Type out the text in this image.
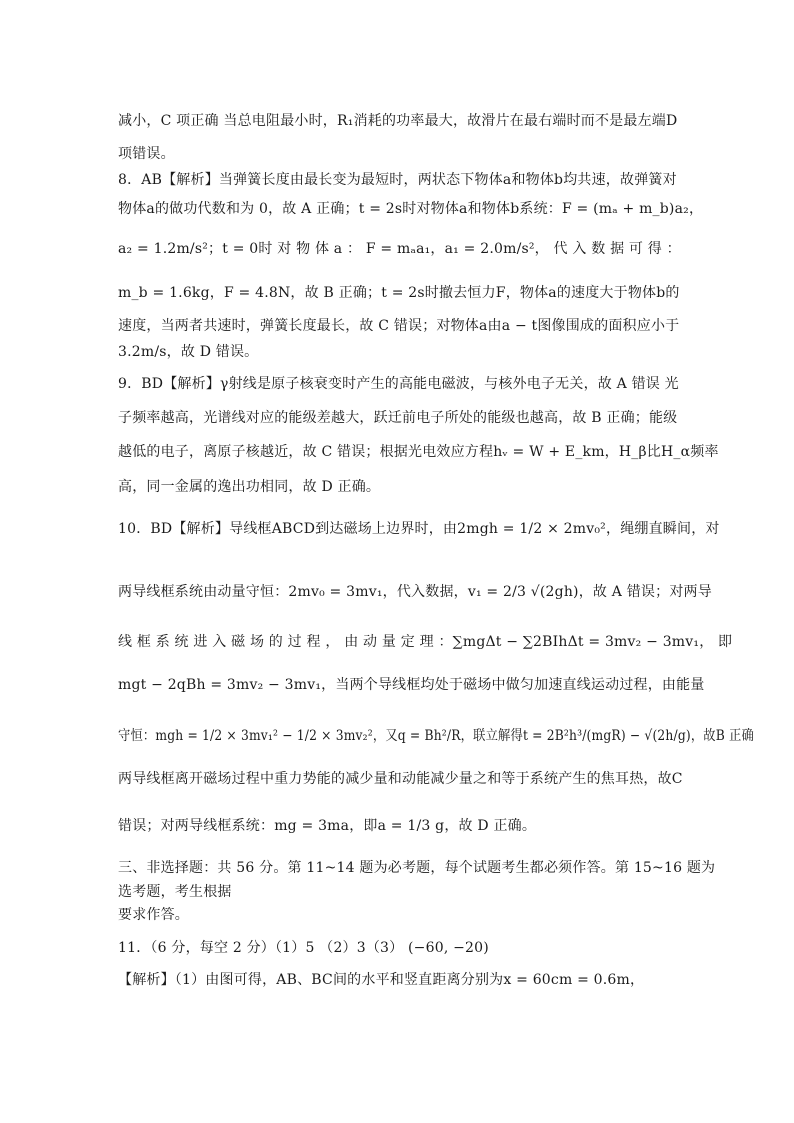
减小，C 项正确 当总电阻最小时，R₁消耗的功率最大，故滑片在最右端时而不是最左端D
项错误。
8．AB【解析】当弹簧长度由最长变为最短时，两状态下物体a和物体b均共速，故弹簧对
物体a的做功代数和为 0，故 A 正确；t = 2s时对物体a和物体b系统：F = (mₐ + m_b)a₂，
a₂ = 1.2m/s²；t = 0时 对 物 体 a ： F = mₐa₁，a₁ = 2.0m/s²， 代 入 数 据 可 得 ：
m_b = 1.6kg，F = 4.8N，故 B 正确；t = 2s时撤去恒力F，物体a的速度大于物体b的
速度，当两者共速时，弹簧长度最长，故 C 错误；对物体a由a − t图像围成的面积应小于
3.2m/s，故 D 错误。
9．BD【解析】γ射线是原子核衰变时产生的高能电磁波，与核外电子无关，故 A 错误 光
子频率越高，光谱线对应的能级差越大，跃迁前电子所处的能级也越高，故 B 正确；能级
越低的电子，离原子核越近，故 C 错误；根据光电效应方程hᵥ = W + E_km，H_β比H_α频率
高，同一金属的逸出功相同，故 D 正确。
10．BD【解析】导线框ABCD到达磁场上边界时，由2mgh = 1/2 × 2mv₀²，绳绷直瞬间，对
两导线框系统由动量守恒：2mv₀ = 3mv₁，代入数据，v₁ = 2/3 √(2gh)，故 A 错误；对两导
线 框 系 统 进 入 磁 场 的 过 程 ， 由 动 量 定 理 ：∑mgΔt − ∑2BIhΔt = 3mv₂ − 3mv₁， 即
mgt − 2qBh = 3mv₂ − 3mv₁，当两个导线框均处于磁场中做匀加速直线运动过程，由能量
守恒：mgh = 1/2 × 3mv₁² − 1/2 × 3mv₂²，又q = Bh²/R，联立解得t = 2B²h³/(mgR) − √(2h/g)，故B 正确
两导线框离开磁场过程中重力势能的减少量和动能减少量之和等于系统产生的焦耳热，故C
错误；对两导线框系统：mg = 3ma，即a = 1/3 g，故 D 正确。
三、非选择题：共 56 分。第 11~14 题为必考题，每个试题考生都必须作答。第 15~16 题为
选考题，考生根据
要求作答。
11．（6 分，每空 2 分）（1）5 （2）3（3） (−60, −20)
【解析】（1）由图可得，AB、BC间的水平和竖直距离分别为x = 60cm = 0.6m，
